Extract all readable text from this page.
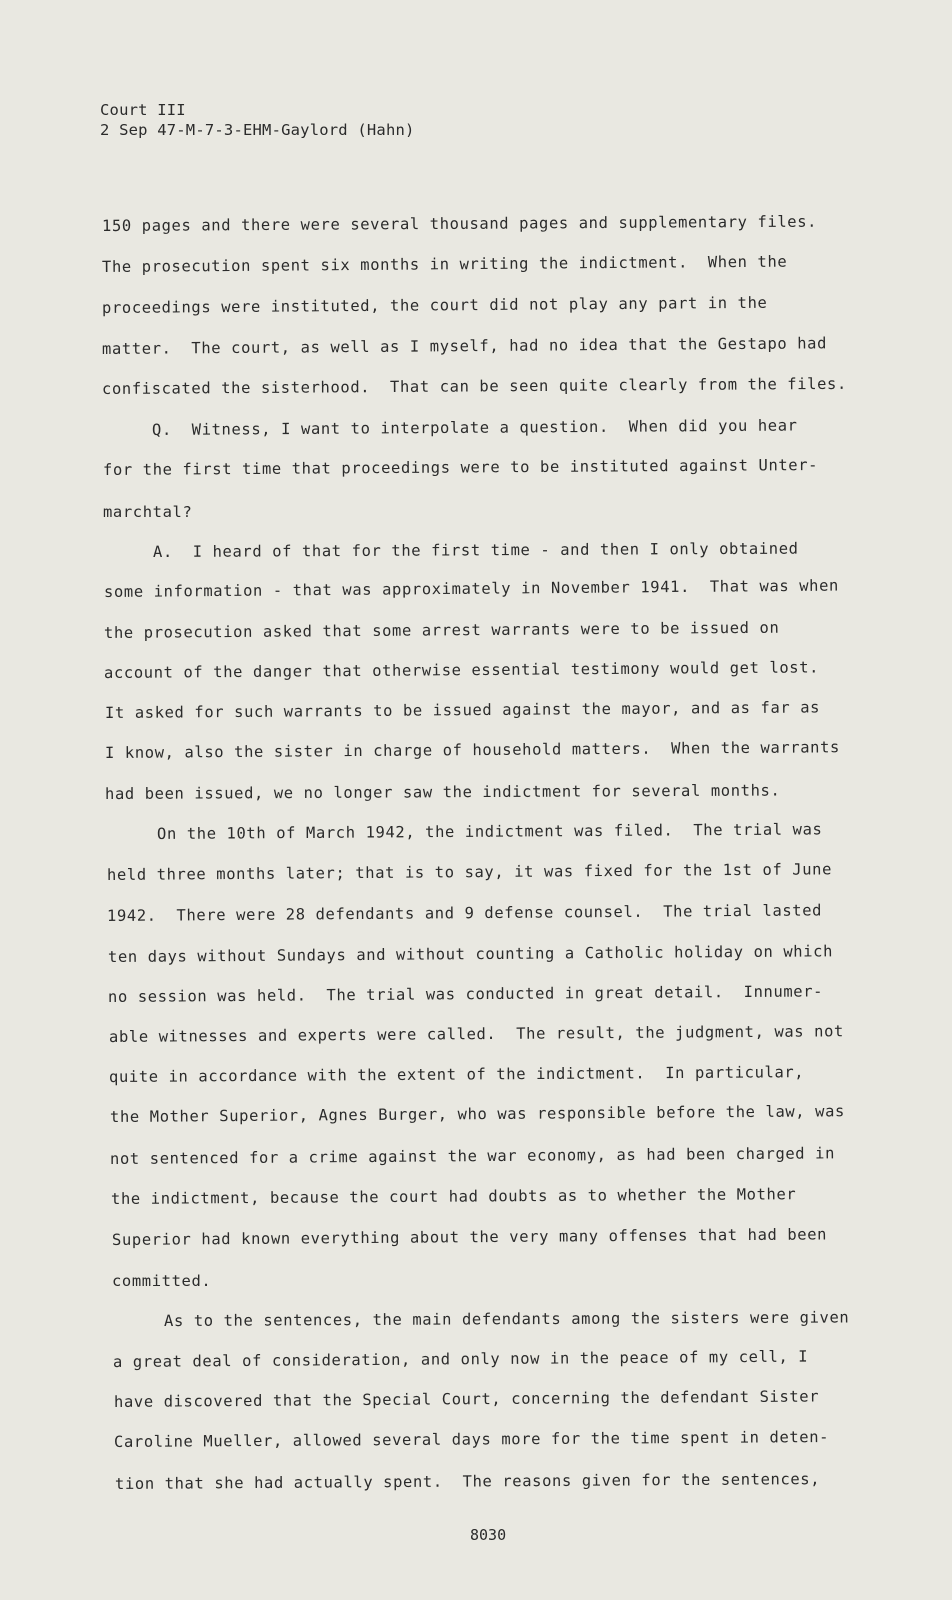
Court III
2 Sep 47-M-7-3-EHM-Gaylord (Hahn)
150 pages and there were several thousand pages and supplementary files.
The prosecution spent six months in writing the indictment.  When the
proceedings were instituted, the court did not play any part in the
matter.  The court, as well as I myself, had no idea that the Gestapo had
confiscated the sisterhood.  That can be seen quite clearly from the files.
Q.  Witness, I want to interpolate a question.  When did you hear
for the first time that proceedings were to be instituted against Unter-
marchtal?
A.  I heard of that for the first time - and then I only obtained
some information - that was approximately in November 1941.  That was when
the prosecution asked that some arrest warrants were to be issued on
account of the danger that otherwise essential testimony would get lost.
It asked for such warrants to be issued against the mayor, and as far as
I know, also the sister in charge of household matters.  When the warrants
had been issued, we no longer saw the indictment for several months.
On the 10th of March 1942, the indictment was filed.  The trial was
held three months later; that is to say, it was fixed for the 1st of June
1942.  There were 28 defendants and 9 defense counsel.  The trial lasted
ten days without Sundays and without counting a Catholic holiday on which
no session was held.  The trial was conducted in great detail.  Innumer-
able witnesses and experts were called.  The result, the judgment, was not
quite in accordance with the extent of the indictment.  In particular,
the Mother Superior, Agnes Burger, who was responsible before the law, was
not sentenced for a crime against the war economy, as had been charged in
the indictment, because the court had doubts as to whether the Mother
Superior had known everything about the very many offenses that had been
committed.
As to the sentences, the main defendants among the sisters were given
a great deal of consideration, and only now in the peace of my cell, I
have discovered that the Special Court, concerning the defendant Sister
Caroline Mueller, allowed several days more for the time spent in deten-
tion that she had actually spent.  The reasons given for the sentences,
8030
